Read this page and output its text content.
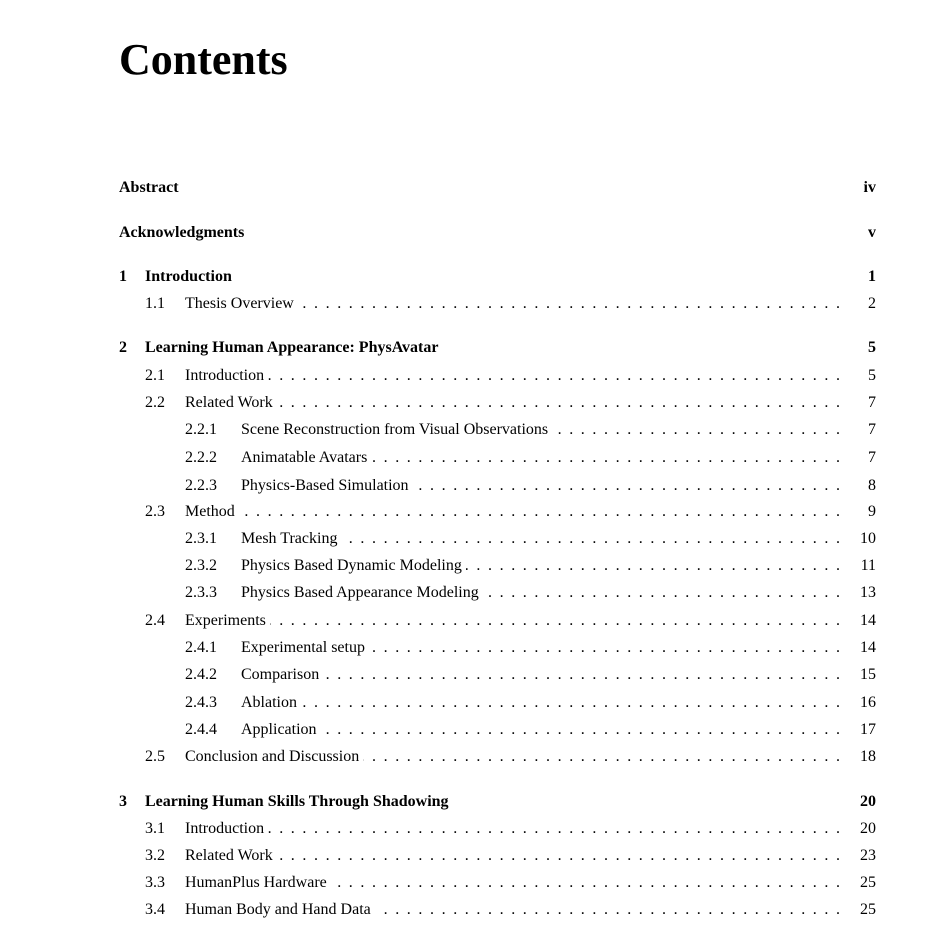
Contents
Abstract	iv
Acknowledgments	v
1 Introduction	1
1.1 . . . Thesis Overview	2
2 Learning Human Appearance: PhysAvatar	5
2.1 . . . Introduction	5
2.2 . . . Related Work	7
2.2.1 . . . Scene Reconstruction from Visual Observations	7
2.2.2 . . . Animatable Avatars	7
2.2.3 . . . Physics-Based Simulation	8
2.3 . . . Method	9
2.3.1 . . . Mesh Tracking	10
2.3.2 . . . Physics Based Dynamic Modeling	11
2.3.3 . . . Physics Based Appearance Modeling	13
2.4 . . . Experiments	14
2.4.1 . . . Experimental setup	14
2.4.2 . . . Comparison	15
2.4.3 . . . Ablation	16
2.4.4 . . . Application	17
2.5 . . . Conclusion and Discussion	18
3 Learning Human Skills Through Shadowing	20
3.1 . . . Introduction	20
3.2 . . . Related Work	23
3.3 . . . HumanPlus Hardware	25
3.4 . . . Human Body and Hand Data	25
